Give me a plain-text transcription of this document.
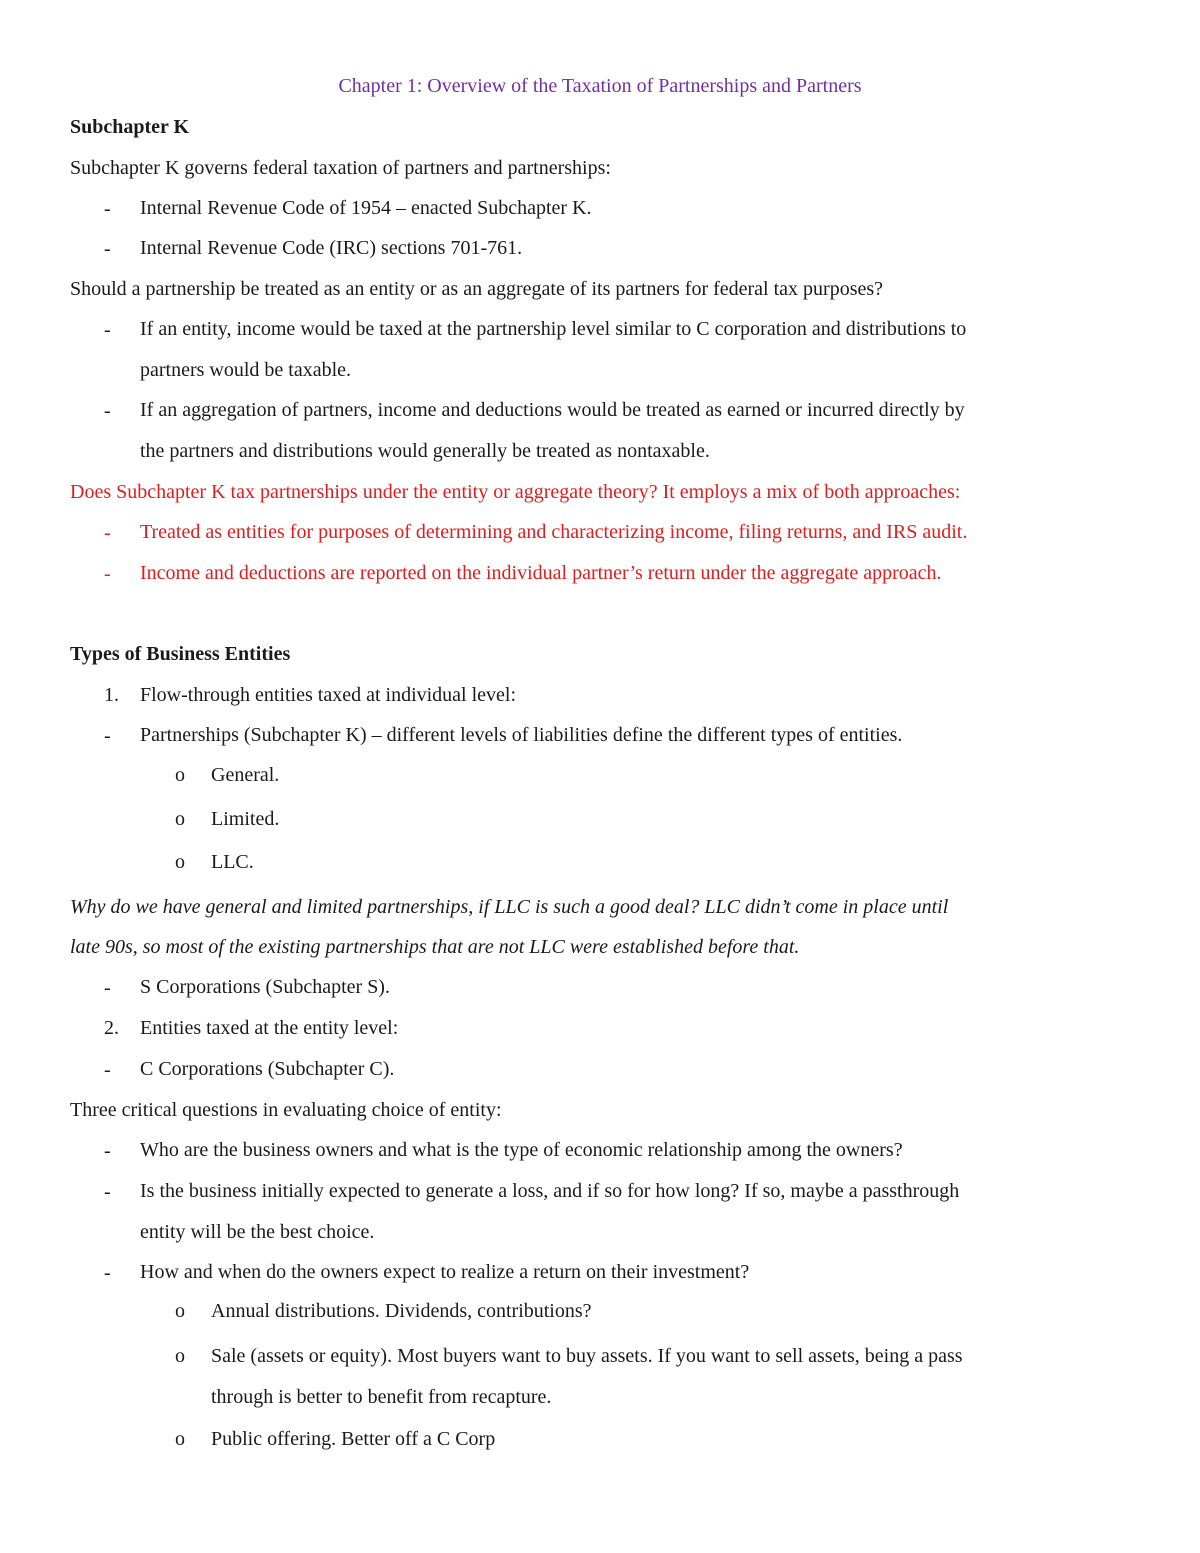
Chapter 1: Overview of the Taxation of Partnerships and Partners
Subchapter K
Subchapter K governs federal taxation of partners and partnerships:
- Internal Revenue Code of 1954 – enacted Subchapter K.
- Internal Revenue Code (IRC) sections 701-761.
Should a partnership be treated as an entity or as an aggregate of its partners for federal tax purposes?
- If an entity, income would be taxed at the partnership level similar to C corporation and distributions to
partners would be taxable.
- If an aggregation of partners, income and deductions would be treated as earned or incurred directly by
the partners and distributions would generally be treated as nontaxable.
Does Subchapter K tax partnerships under the entity or aggregate theory? It employs a mix of both approaches:
- Treated as entities for purposes of determining and characterizing income, filing returns, and IRS audit.
- Income and deductions are reported on the individual partner’s return under the aggregate approach.
Types of Business Entities
1. Flow-through entities taxed at individual level:
- Partnerships (Subchapter K) – different levels of liabilities define the different types of entities.
o General.
o Limited.
o LLC.
Why do we have general and limited partnerships, if LLC is such a good deal? LLC didn’t come in place until
late 90s, so most of the existing partnerships that are not LLC were established before that.
- S Corporations (Subchapter S).
2. Entities taxed at the entity level:
- C Corporations (Subchapter C).
Three critical questions in evaluating choice of entity:
- Who are the business owners and what is the type of economic relationship among the owners?
- Is the business initially expected to generate a loss, and if so for how long? If so, maybe a passthrough
entity will be the best choice.
- How and when do the owners expect to realize a return on their investment?
o Annual distributions. Dividends, contributions?
o Sale (assets or equity). Most buyers want to buy assets. If you want to sell assets, being a pass
through is better to benefit from recapture.
o Public offering. Better off a C Corp
